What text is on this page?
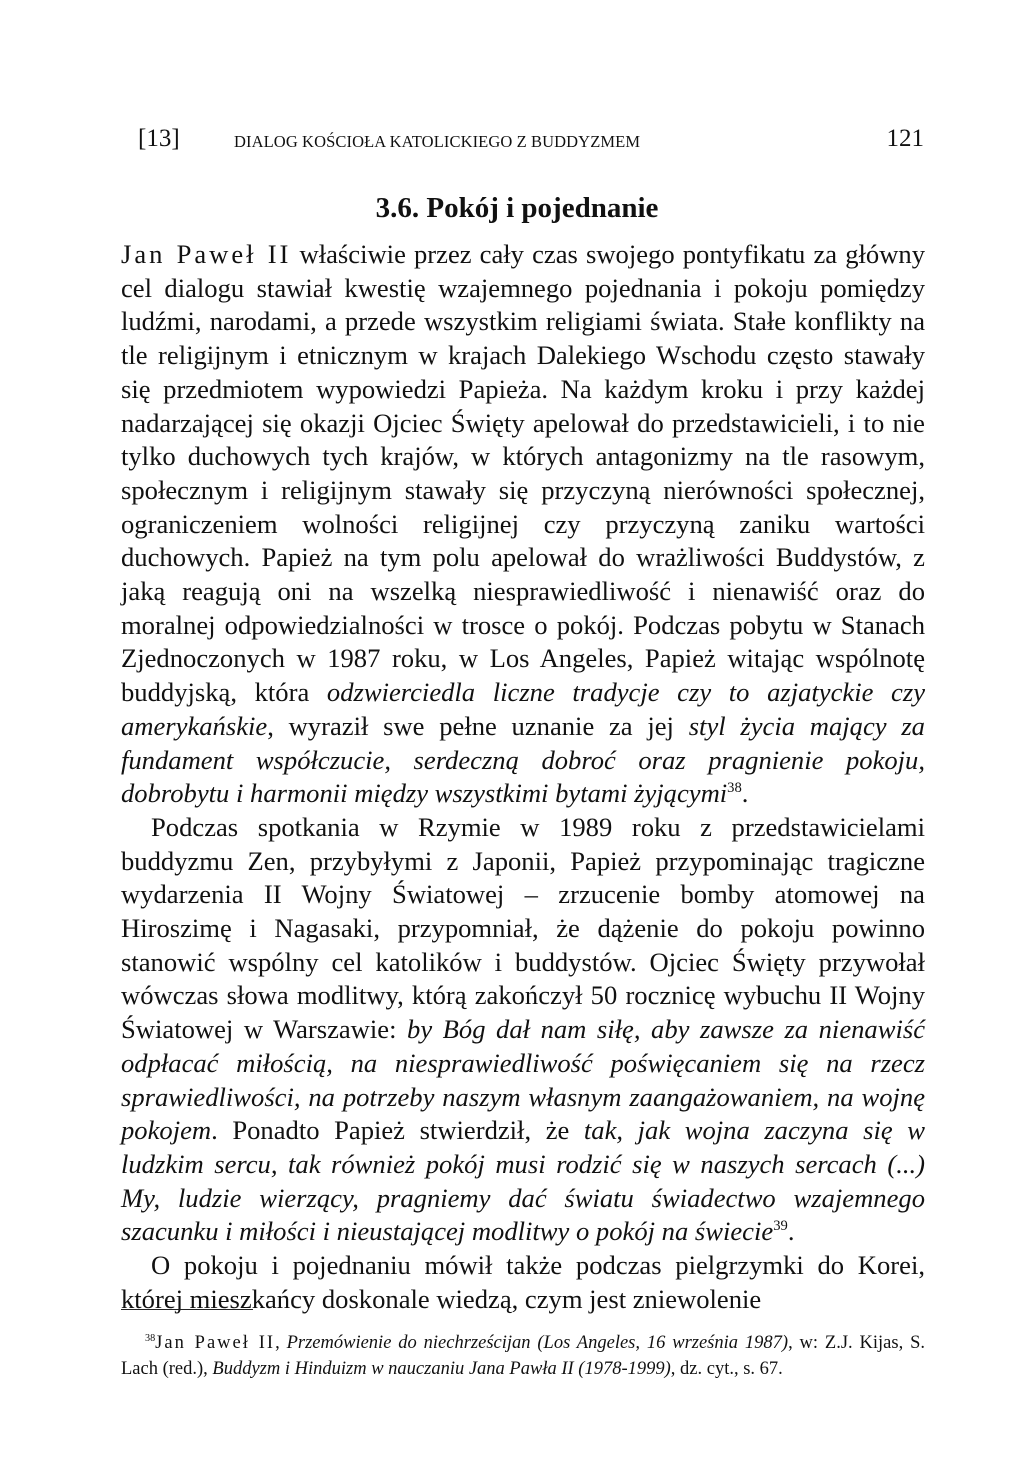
[13]	DIALOG KOŚCIOŁA KATOLICKIEGO Z BUDDYZMEM	121
3.6. Pokój i pojednanie

Jan Paweł II właściwie przez cały czas swojego pontyfikatu za główny cel dialogu stawiał kwestię wzajemnego pojednania i pokoju pomiędzy ludźmi, narodami, a przede wszystkim religiami świata. Stałe konflikty na tle religijnym i etnicznym w krajach Dalekiego Wschodu często stawały się przedmiotem wypowiedzi Papieża. Na każdym kroku i przy każdej nadarzającej się okazji Ojciec Święty apelował do przedstawicieli, i to nie tylko duchowych tych krajów, w których antagonizmy na tle rasowym, społecznym i religijnym stawały się przyczyną nierówności społecznej, ograniczeniem wolności religijnej czy przyczyną zaniku wartości duchowych. Papież na tym polu apelował do wrażliwości Buddystów, z jaką reagują oni na wszelką niesprawiedliwość i nienawiść oraz do moralnej odpowiedzialności w trosce o pokój. Podczas pobytu w Stanach Zjednoczonych w 1987 roku, w Los Angeles, Papież witając wspólnotę buddyjską, która odzwierciedla liczne tradycje czy to azjatyckie czy amerykańskie, wyraził swe pełne uznanie za jej styl życia mający za fundament współczucie, serdeczną dobroć oraz pragnienie pokoju, dobrobytu i harmonii między wszystkimi bytami żyjącymi$^{38}$.

Podczas spotkania w Rzymie w 1989 roku z przedstawicielami buddyzmu Zen, przybyłymi z Japonii, Papież przypominając tragiczne wydarzenia II Wojny Światowej – zrzucenie bomby atomowej na Hiroszimę i Nagasaki, przypomniał, że dążenie do pokoju powinno stanowić wspólny cel katolików i buddystów. Ojciec Święty przywołał wówczas słowa modlitwy, którą zakończył 50 rocznicę wybuchu II Wojny Światowej w Warszawie: by Bóg dał nam siłę, aby zawsze za nienawiść odpłacać miłością, na niesprawiedliwość poświęcaniem się na rzecz sprawiedliwości, na potrzeby naszym własnym zaangażowaniem, na wojnę pokojem. Ponadto Papież stwierdził, że tak, jak wojna zaczyna się w ludzkim sercu, tak również pokój musi rodzić się w naszych sercach (...) My, ludzie wierzący, pragniemy dać światu świadectwo wzajemnego szacunku i miłości i nieustającej modlitwy o pokój na świecie$^{39}$.

O pokoju i pojednaniu mówił także podczas pielgrzymki do Korei, której mieszkańcy doskonale wiedzą, czym jest zniewolenie

$^{38}$Jan Paweł II, Przemówienie do niechrześcijan (Los Angeles, 16 września 1987), w: Z.J. Kijas, S. Lach (red.), Buddyzm i Hinduizm w nauczaniu Jana Pawła II (1978-1999), dz. cyt., s. 67.
